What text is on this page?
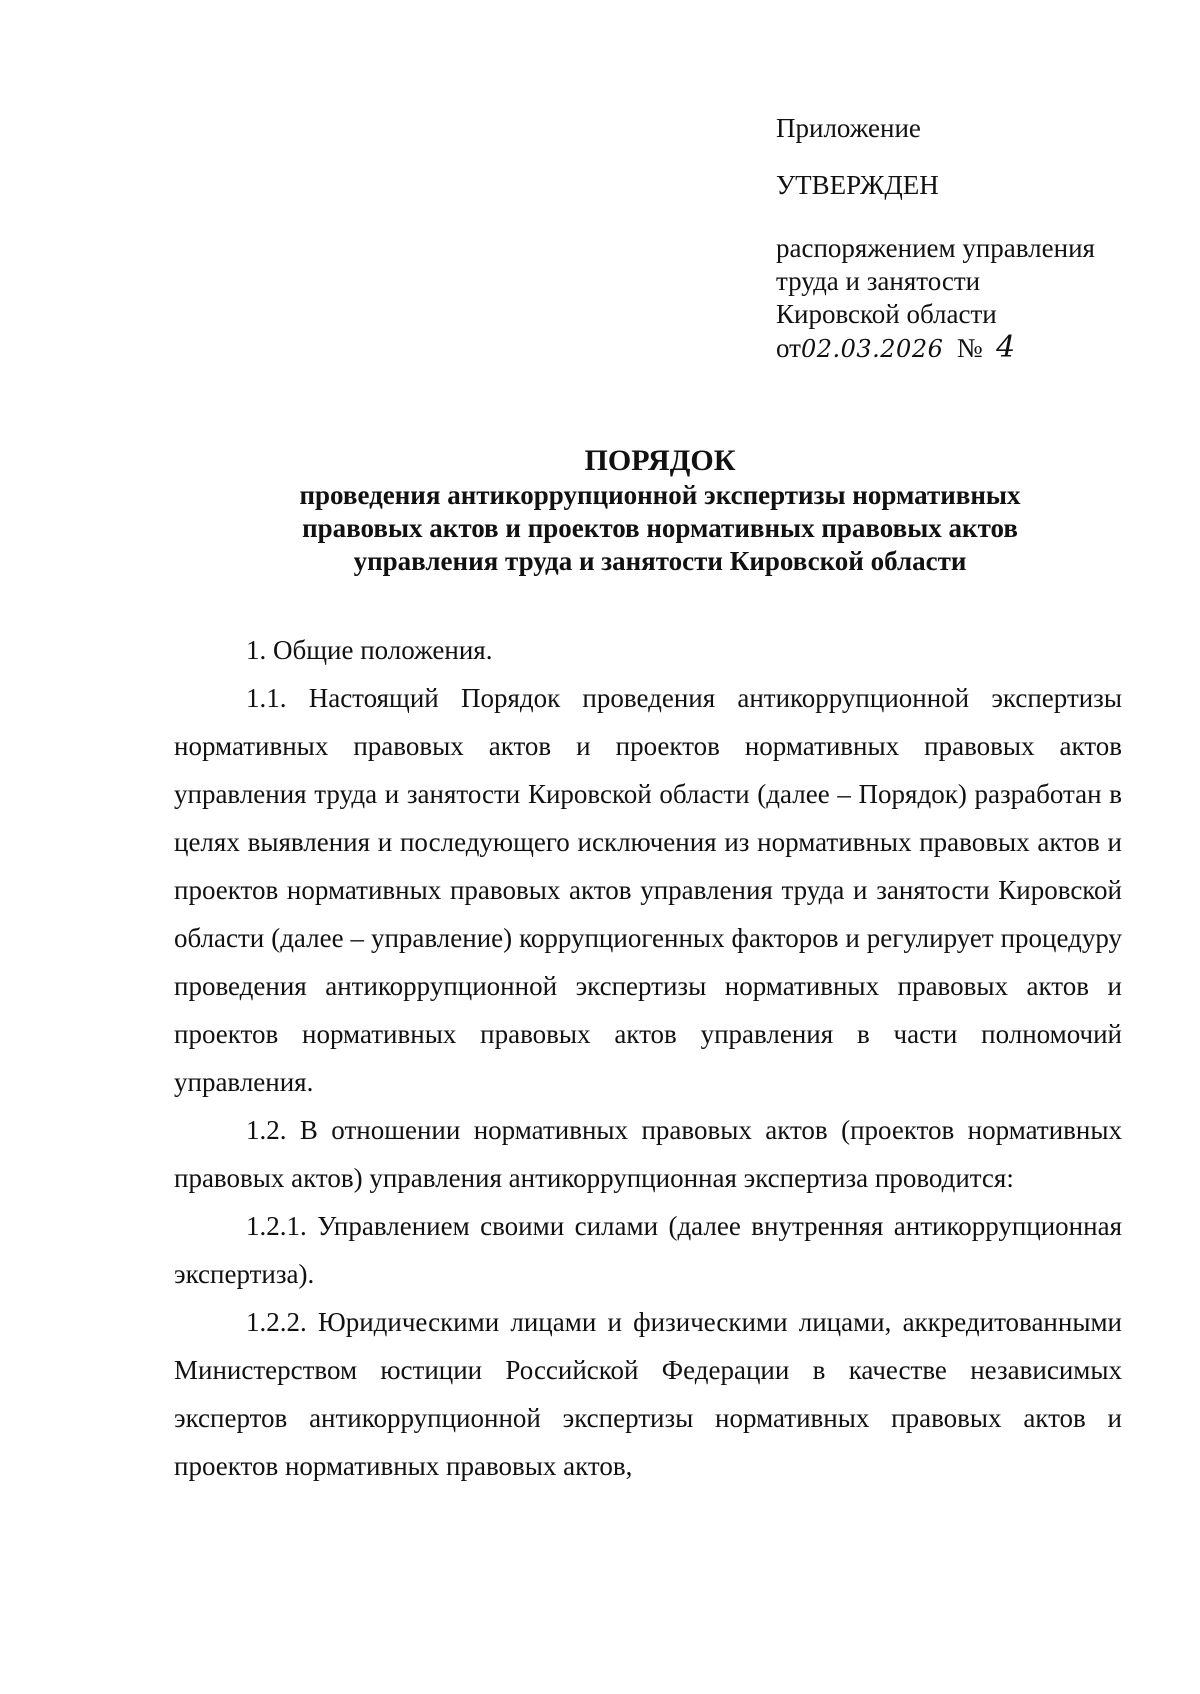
Приложение
УТВЕРЖДЕН
распоряжением управления
труда и занятости
Кировской области
от02.03.2026 № 4
ПОРЯДОК
проведения антикоррупционной экспертизы нормативных
правовых актов и проектов нормативных правовых актов
управления труда и занятости Кировской области

1. Общие положения.

1.1. Настоящий Порядок проведения антикоррупционной экспертизы нормативных правовых актов и проектов нормативных правовых актов управления труда и занятости Кировской области (далее – Порядок) разработан в целях выявления и последующего исключения из нормативных правовых актов и проектов нормативных правовых актов управления труда и занятости Кировской области (далее – управление) коррупциогенных факторов и регулирует процедуру проведения антикоррупционной экспертизы нормативных правовых актов и проектов нормативных правовых актов управления в части полномочий управления.

1.2. В отношении нормативных правовых актов (проектов нормативных правовых актов) управления антикоррупционная экспертиза проводится:

1.2.1. Управлением своими силами (далее внутренняя антикоррупционная экспертиза).

1.2.2. Юридическими лицами и физическими лицами, аккредитованными Министерством юстиции Российской Федерации в качестве независимых экспертов антикоррупционной экспертизы нормативных правовых актов и проектов нормативных правовых актов,
